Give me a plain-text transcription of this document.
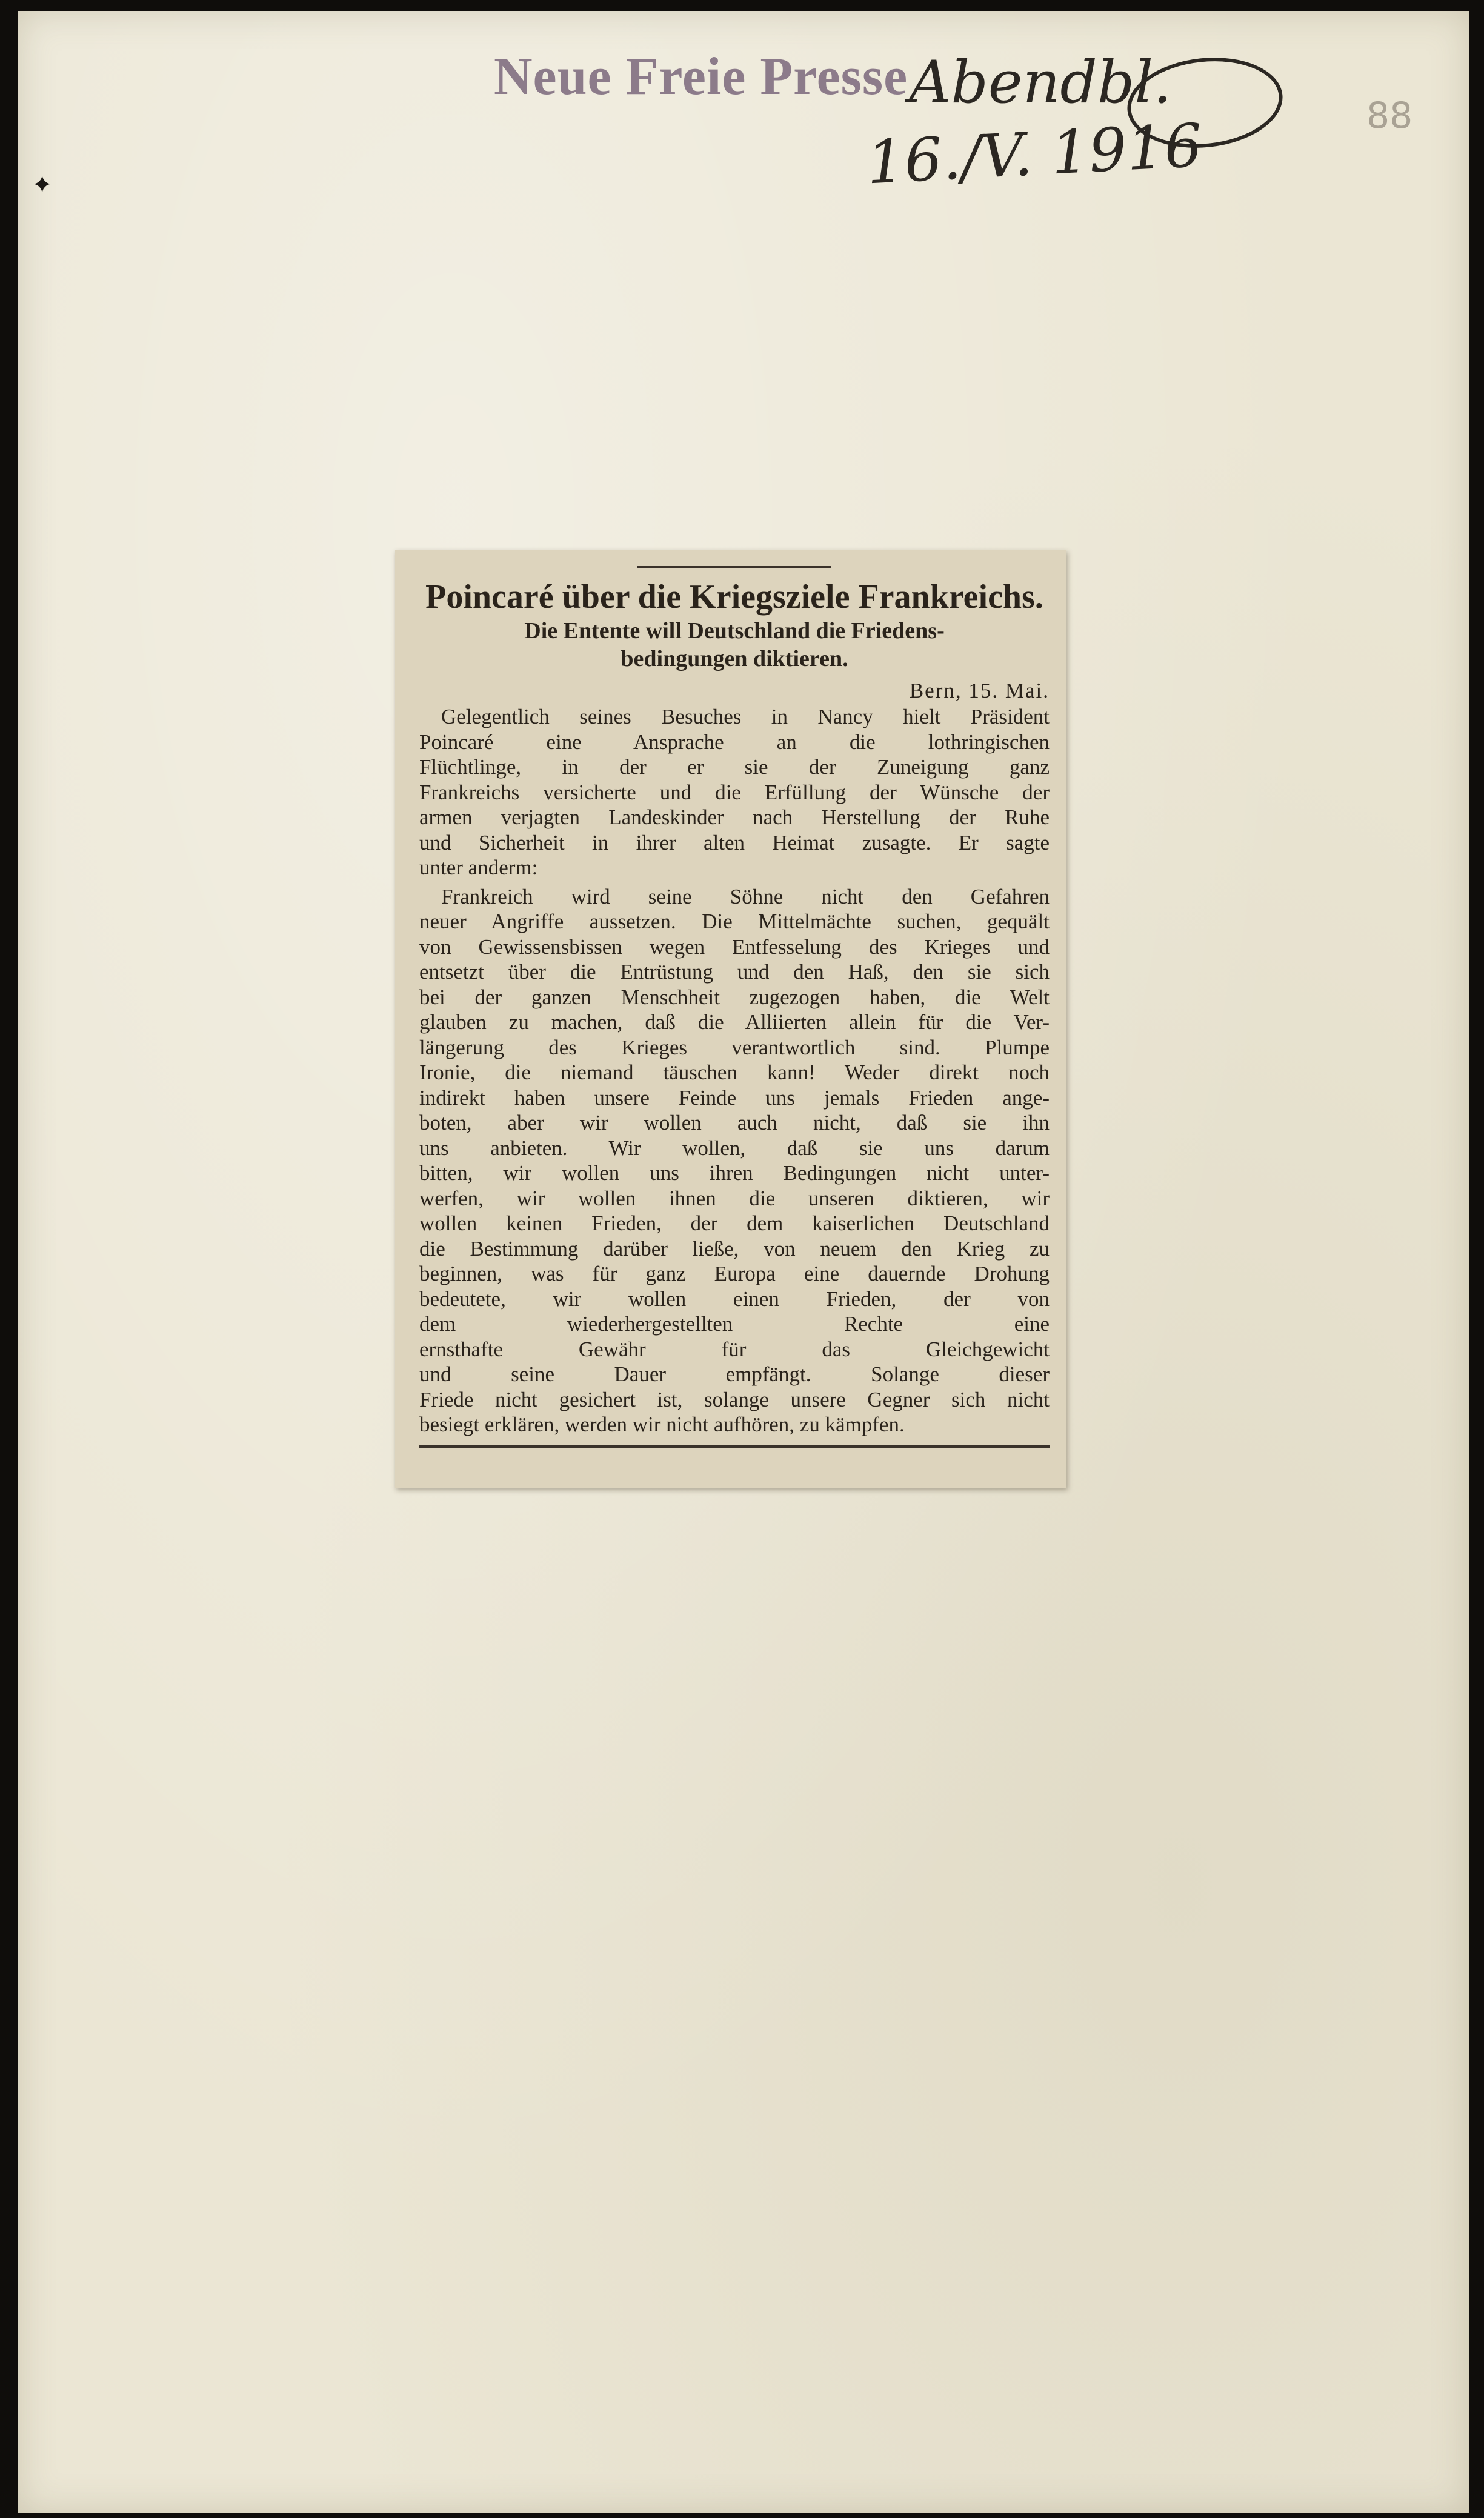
Neue Freie Presse Abendbl.
16./V. 1916	88
✦
Poincaré über die Kriegsziele Frankreichs.
Die Entente will Deutschland die Friedens-
bedingungen diktieren.
Bern, 15. Mai.

Gelegentlich seines Besuches in Nancy hielt Präsident
Poincaré eine Ansprache an die lothringischen
Flüchtlinge, in der er sie der Zuneigung ganz
Frankreichs versicherte und die Erfüllung der Wünsche der
armen verjagten Landeskinder nach Herstellung der Ruhe
und Sicherheit in ihrer alten Heimat zusagte. Er sagte
unter anderm:

Frankreich wird seine Söhne nicht den Gefahren
neuer Angriffe aussetzen. Die Mittelmächte suchen, gequält
von Gewissensbissen wegen Entfesselung des Krieges und
entsetzt über die Entrüstung und den Haß, den sie sich
bei der ganzen Menschheit zugezogen haben, die Welt
glauben zu machen, daß die Alliierten allein für die Ver-
längerung des Krieges verantwortlich sind. Plumpe
Ironie, die niemand täuschen kann! Weder direkt noch
indirekt haben unsere Feinde uns jemals Frieden ange-
boten, aber wir wollen auch nicht, daß sie ihn
uns anbieten. Wir wollen, daß sie uns darum
bitten, wir wollen uns ihren Bedingungen nicht unter-
werfen, wir wollen ihnen die unseren diktieren, wir
wollen keinen Frieden, der dem kaiserlichen Deutschland
die Bestimmung darüber ließe, von neuem den Krieg zu
beginnen, was für ganz Europa eine dauernde Drohung
bedeutete, wir wollen einen Frieden, der von
dem wiederhergestellten Rechte eine
ernsthafte Gewähr für das Gleichgewicht
und seine Dauer empfängt. Solange dieser
Friede nicht gesichert ist, solange unsere Gegner sich nicht
besiegt erklären, werden wir nicht aufhören, zu kämpfen.
